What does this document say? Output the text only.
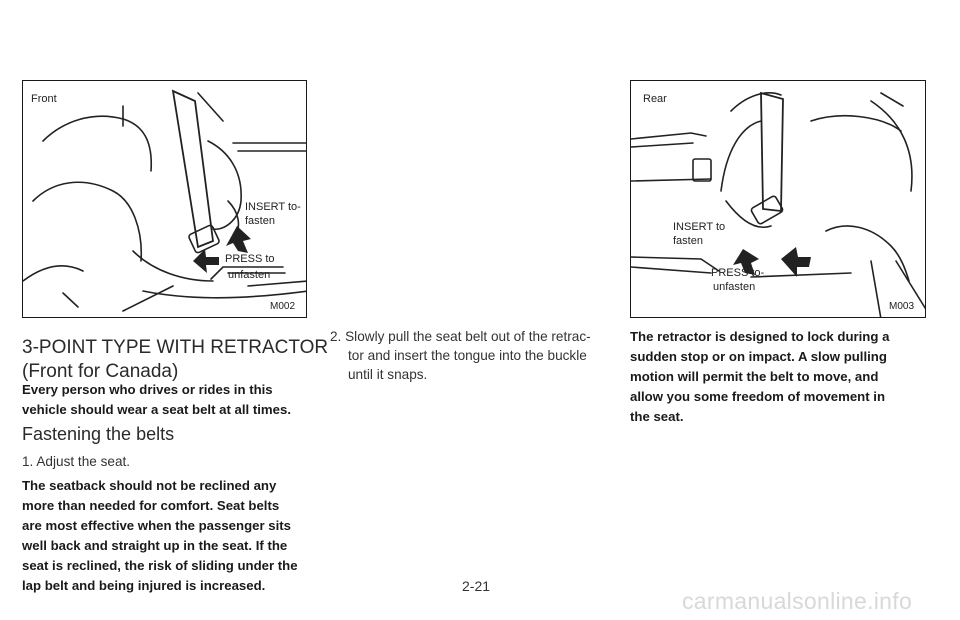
Front
INSERT to-
fasten
PRESS to
unfasten
M002
3-POINT TYPE WITH RETRACTOR
(Front for Canada)
Every person who drives or rides in this
vehicle should wear a seat belt at all times.
Fastening the belts
1. Adjust the seat.
The seatback should not be reclined any
more than needed for comfort. Seat belts
are most effective when the passenger sits
well back and straight up in the seat. If the
seat is reclined, the risk of sliding under the
lap belt and being injured is increased.
2. Slowly pull the seat belt out of the retrac-
tor and insert the tongue into the buckle
until it snaps.
Rear
INSERT to
fasten
PRESS to-
unfasten
M003
The retractor is designed to lock during a
sudden stop or on impact. A slow pulling
motion will permit the belt to move, and
allow you some freedom of movement in
the seat.
2-21
carmanualsonline.info
